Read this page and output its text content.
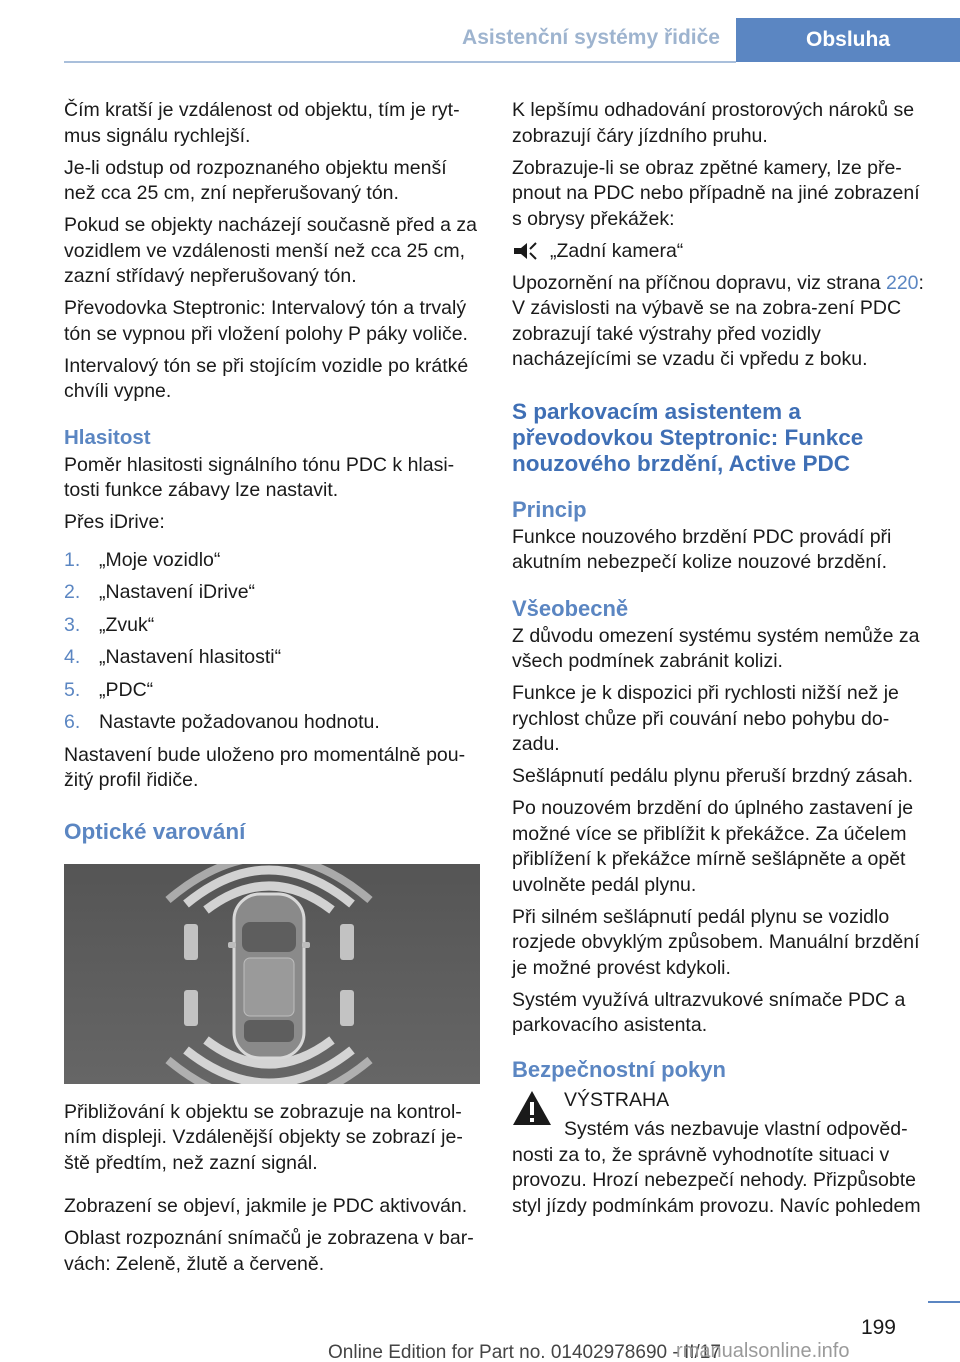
Asistenční systémy řidiče	Obsluha

Čím kratší je vzdálenost od objektu, tím je ryt-mus signálu rychlejší.

Je-li odstup od rozpoznaného objektu menší než cca 25 cm, zní nepřerušovaný tón.

Pokud se objekty nacházejí současně před a za vozidlem ve vzdálenosti menší než cca 25 cm, zazní střídavý nepřerušovaný tón.

Převodovka Steptronic: Intervalový tón a trvalý tón se vypnou při vložení polohy P páky voliče.

Intervalový tón se při stojícím vozidle po krátké chvíli vypne.

Hlasitost

Poměr hlasitosti signálního tónu PDC k hlasi-tosti funkce zábavy lze nastavit.

Přes iDrive:

1. „Moje vozidlo“
2. „Nastavení iDrive“
3. „Zvuk“
4. „Nastavení hlasitosti“
5. „PDC“
6. Nastavte požadovanou hodnotu.

Nastavení bude uloženo pro momentálně pou-žitý profil řidiče.

Optické varování

Přibližování k objektu se zobrazuje na kontrol-ním displeji. Vzdálenější objekty se zobrazí je-ště předtím, než zazní signál.

Zobrazení se objeví, jakmile je PDC aktivován.

Oblast rozpoznání snímačů je zobrazena v bar-vách: Zeleně, žlutě a červeně.

K lepšímu odhadování prostorových nároků se zobrazují čáry jízdního pruhu.

Zobrazuje-li se obraz zpětné kamery, lze pře-pnout na PDC nebo případně na jiné zobrazení s obrysy překážek:

„Zadní kamera“

Upozornění na příčnou dopravu, viz strana 220: V závislosti na výbavě se na zobra-zení PDC zobrazují také výstrahy před vozidly nacházejícími se vzadu či vpředu z boku.

S parkovacím asistentem a převodovkou Steptronic: Funkce nouzového brzdění, Active PDC
Princip

Funkce nouzového brzdění PDC provádí při akutním nebezpečí kolize nouzové brzdění.

Všeobecně

Z důvodu omezení systému systém nemůže za všech podmínek zabránit kolizi.

Funkce je k dispozici při rychlosti nižší než je rychlost chůze při couvání nebo pohybu do-zadu.

Sešlápnutí pedálu plynu přeruší brzdný zásah.

Po nouzovém brzdění do úplného zastavení je možné více se přiblížit k překážce. Za účelem přiblížení k překážce mírně sešlápněte a opět uvolněte pedál plynu.

Při silném sešlápnutí pedál plynu se vozidlo rozjede obvyklým způsobem. Manuální brzdění je možné provést kdykoli.

Systém využívá ultrazvukové snímače PDC a parkovacího asistenta.

Bezpečnostní pokyn
VÝSTRAHA

Systém vás nezbavuje vlastní odpověd-nosti za to, že správně vyhodnotíte situaci v provozu. Hrozí nebezpečí nehody. Přizpůsobte styl jízdy podmínkám provozu. Navíc pohledem

199
Online Edition for Part no. 01402978690 - II/17
rmanualsonline.info
